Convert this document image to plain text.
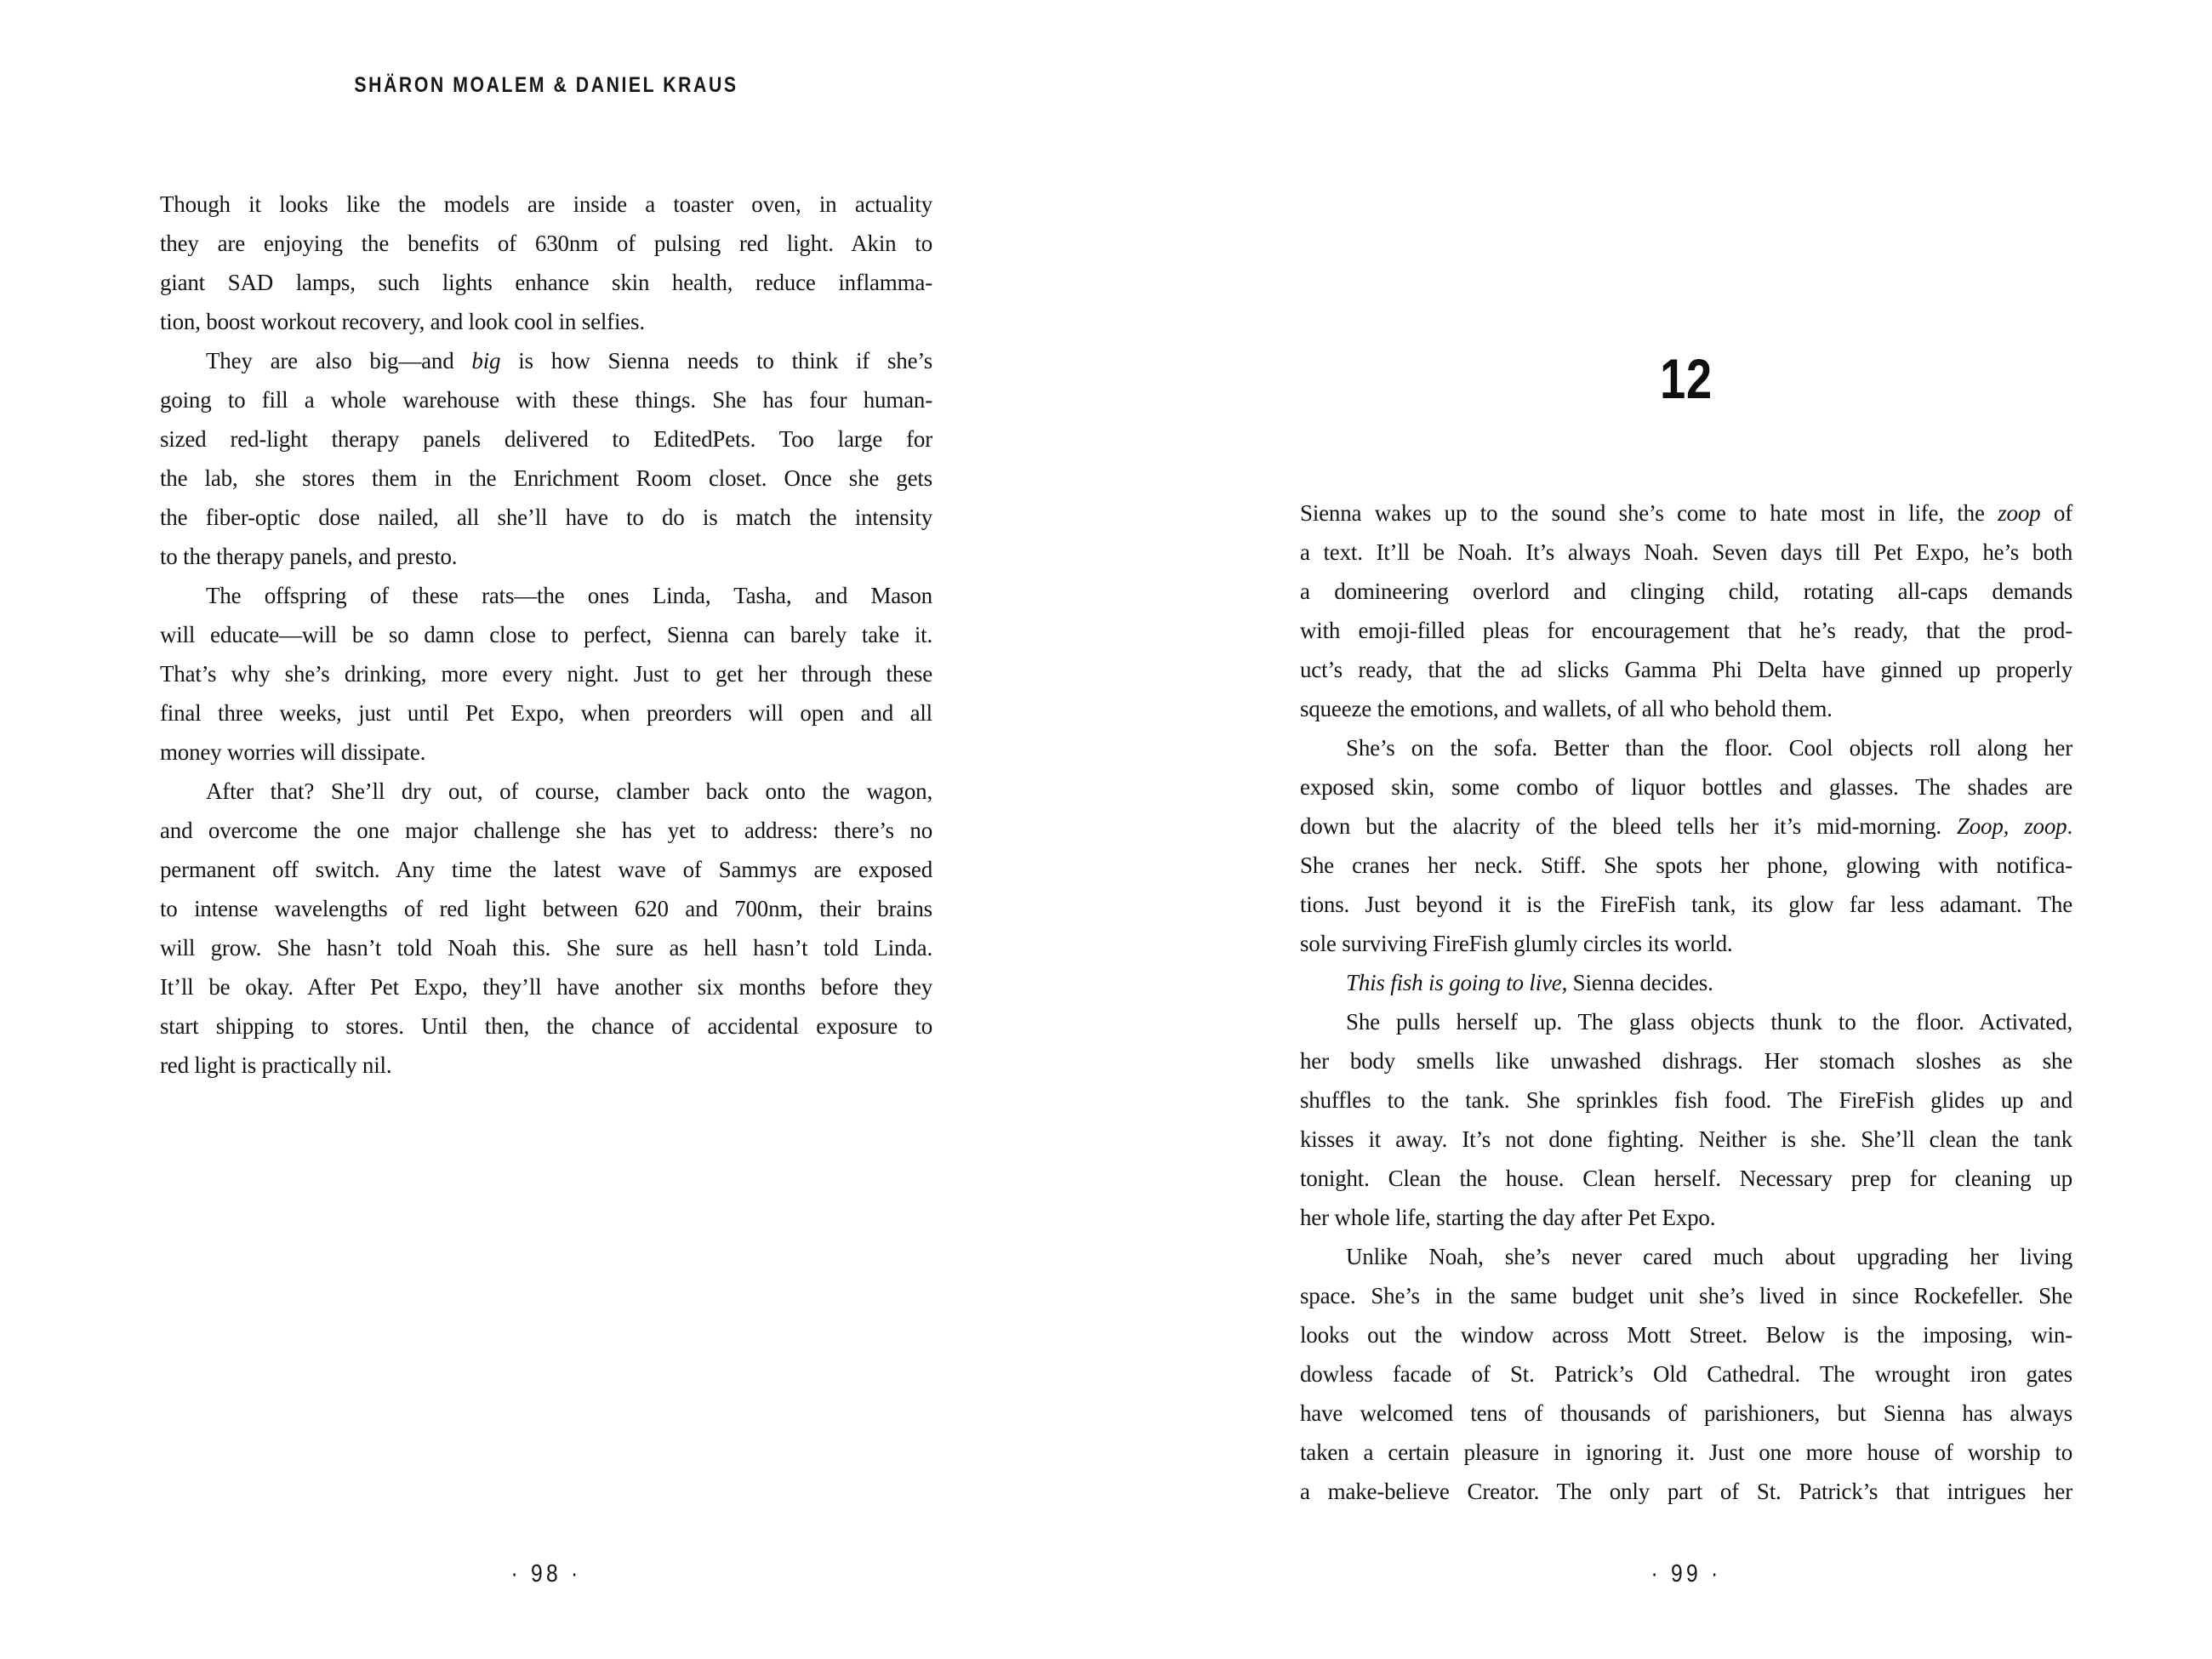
SHÄRON MOALEM & DANIEL KRAUS
Though it looks like the models are inside a toaster oven, in actuality
they are enjoying the benefits of 630nm of pulsing red light. Akin to
giant SAD lamps, such lights enhance skin health, reduce inflamma-
tion, boost workout recovery, and look cool in selfies.
They are also big—and big is how Sienna needs to think if she’s
going to fill a whole warehouse with these things. She has four human-
sized red-light therapy panels delivered to EditedPets. Too large for
the lab, she stores them in the Enrichment Room closet. Once she gets
the fiber-optic dose nailed, all she’ll have to do is match the intensity
to the therapy panels, and presto.
The offspring of these rats—the ones Linda, Tasha, and Mason
will educate—will be so damn close to perfect, Sienna can barely take it.
That’s why she’s drinking, more every night. Just to get her through these
final three weeks, just until Pet Expo, when preorders will open and all
money worries will dissipate.
After that? She’ll dry out, of course, clamber back onto the wagon,
and overcome the one major challenge she has yet to address: there’s no
permanent off switch. Any time the latest wave of Sammys are exposed
to intense wavelengths of red light between 620 and 700nm, their brains
will grow. She hasn’t told Noah this. She sure as hell hasn’t told Linda.
It’ll be okay. After Pet Expo, they’ll have another six months before they
start shipping to stores. Until then, the chance of accidental exposure to
red light is practically nil.
· 98 ·
12
Sienna wakes up to the sound she’s come to hate most in life, the zoop of
a text. It’ll be Noah. It’s always Noah. Seven days till Pet Expo, he’s both
a domineering overlord and clinging child, rotating all-caps demands
with emoji-filled pleas for encouragement that he’s ready, that the prod-
uct’s ready, that the ad slicks Gamma Phi Delta have ginned up properly
squeeze the emotions, and wallets, of all who behold them.
She’s on the sofa. Better than the floor. Cool objects roll along her
exposed skin, some combo of liquor bottles and glasses. The shades are
down but the alacrity of the bleed tells her it’s mid-morning. Zoop, zoop.
She cranes her neck. Stiff. She spots her phone, glowing with notifica-
tions. Just beyond it is the FireFish tank, its glow far less adamant. The
sole surviving FireFish glumly circles its world.
This fish is going to live, Sienna decides.
She pulls herself up. The glass objects thunk to the floor. Activated,
her body smells like unwashed dishrags. Her stomach sloshes as she
shuffles to the tank. She sprinkles fish food. The FireFish glides up and
kisses it away. It’s not done fighting. Neither is she. She’ll clean the tank
tonight. Clean the house. Clean herself. Necessary prep for cleaning up
her whole life, starting the day after Pet Expo.
Unlike Noah, she’s never cared much about upgrading her living
space. She’s in the same budget unit she’s lived in since Rockefeller. She
looks out the window across Mott Street. Below is the imposing, win-
dowless facade of St. Patrick’s Old Cathedral. The wrought iron gates
have welcomed tens of thousands of parishioners, but Sienna has always
taken a certain pleasure in ignoring it. Just one more house of worship to
a make-believe Creator. The only part of St. Patrick’s that intrigues her
· 99 ·
